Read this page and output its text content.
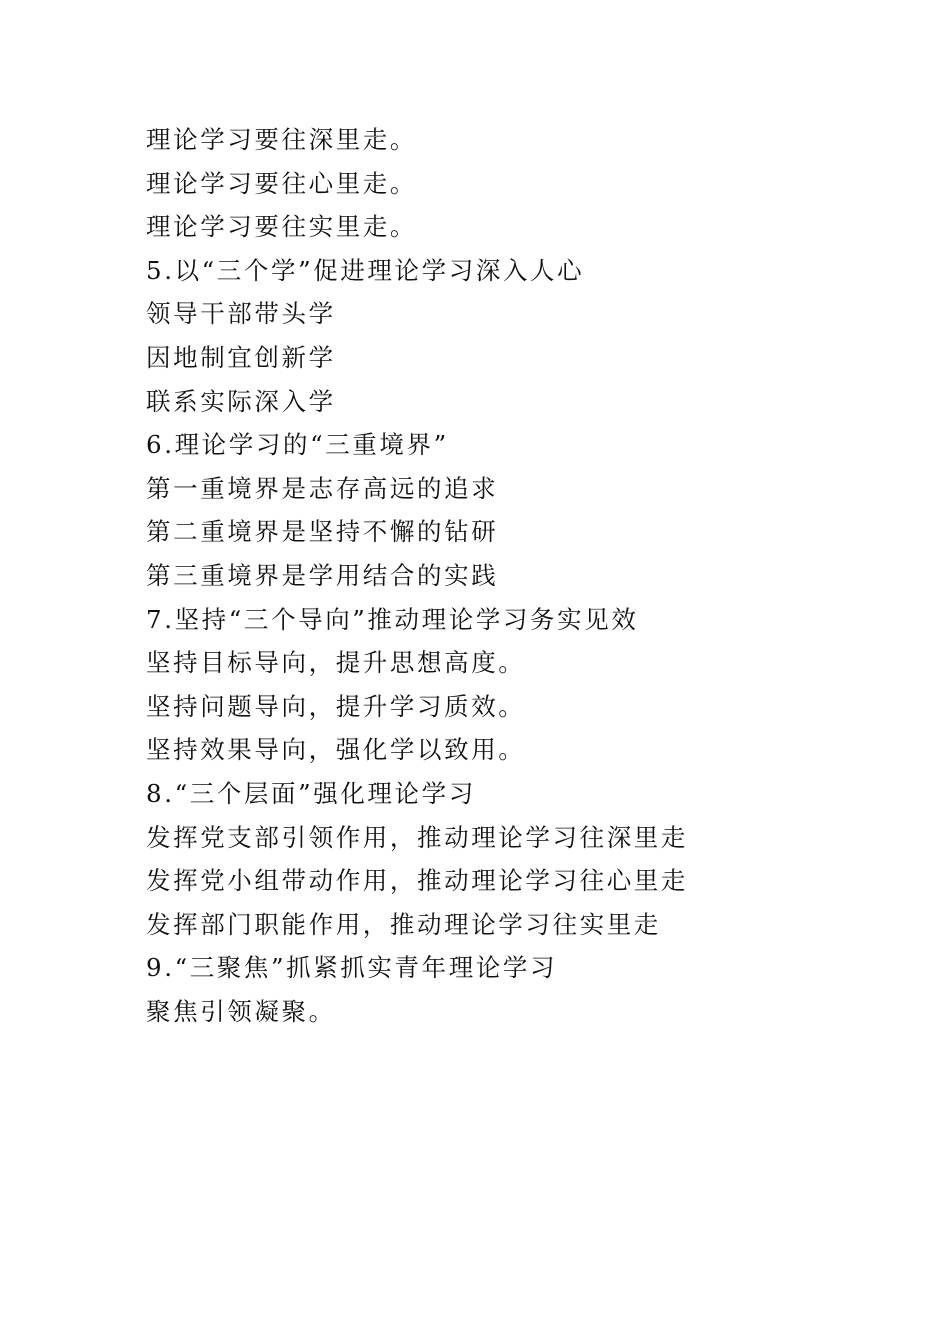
理论学习要往深里走。
理论学习要往心里走。
理论学习要往实里走。
5.以“三个学”促进理论学习深入人心
领导干部带头学
因地制宜创新学
联系实际深入学
6.理论学习的“三重境界”
第一重境界是志存高远的追求
第二重境界是坚持不懈的钻研
第三重境界是学用结合的实践
7.坚持“三个导向”推动理论学习务实见效
坚持目标导向，提升思想高度。
坚持问题导向，提升学习质效。
坚持效果导向，强化学以致用。
8.“三个层面”强化理论学习
发挥党支部引领作用，推动理论学习往深里走
发挥党小组带动作用，推动理论学习往心里走
发挥部门职能作用，推动理论学习往实里走
9.“三聚焦”抓紧抓实青年理论学习
聚焦引领凝聚。
